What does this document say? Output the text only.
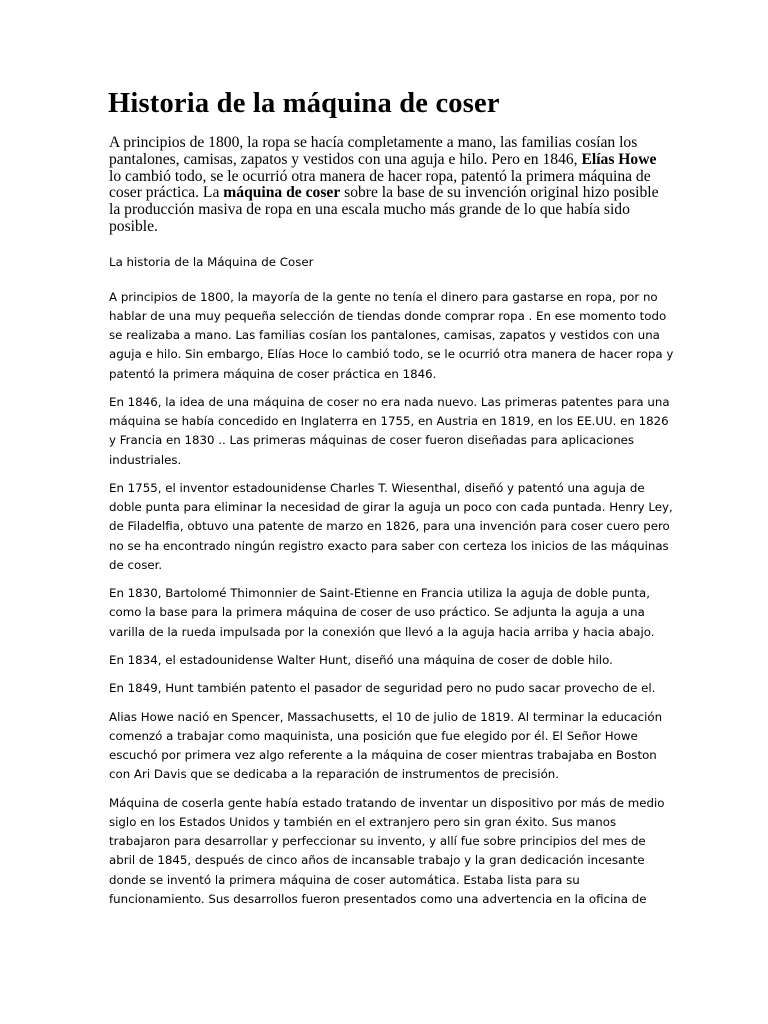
Historia de la máquina de coser
A principios de 1800, la ropa se hacía completamente a mano, las familias cosían los
pantalones, camisas, zapatos y vestidos con una aguja e hilo. Pero en 1846, Elías Howe
lo cambió todo, se le ocurrió otra manera de hacer ropa, patentó la primera máquina de
coser práctica. La máquina de coser sobre la base de su invención original hizo posible
la producción masiva de ropa en una escala mucho más grande de lo que había sido
posible.

La historia de la Máquina de Coser

A principios de 1800, la mayoría de la gente no tenía el dinero para gastarse en ropa, por no
hablar de una muy pequeña selección de tiendas donde comprar ropa . En ese momento todo
se realizaba a mano. Las familias cosían los pantalones, camisas, zapatos y vestidos con una
aguja e hilo. Sin embargo, Elías Hoce lo cambió todo, se le ocurrió otra manera de hacer ropa y
patentó la primera máquina de coser práctica en 1846.

En 1846, la idea de una máquina de coser no era nada nuevo. Las primeras patentes para una
máquina se había concedido en Inglaterra en 1755, en Austria en 1819, en los EE.UU. en 1826
y Francia en 1830 .. Las primeras máquinas de coser fueron diseñadas para aplicaciones
industriales.

En 1755, el inventor estadounidense Charles T. Wiesenthal, diseñó y patentó una aguja de
doble punta para eliminar la necesidad de girar la aguja un poco con cada puntada. Henry Ley,
de Filadelfia, obtuvo una patente de marzo en 1826, para una invención para coser cuero pero
no se ha encontrado ningún registro exacto para saber con certeza los inicios de las máquinas
de coser.

En 1830, Bartolomé Thimonnier de Saint-Etienne en Francia utiliza la aguja de doble punta,
como la base para la primera máquina de coser de uso práctico. Se adjunta la aguja a una
varilla de la rueda impulsada por la conexión que llevó a la aguja hacia arriba y hacia abajo.

En 1834, el estadounidense Walter Hunt, diseñó una máquina de coser de doble hilo.

En 1849, Hunt también patento el pasador de seguridad pero no pudo sacar provecho de el.

Alias Howe nació en Spencer, Massachusetts, el 10 de julio de 1819. Al terminar la educación
comenzó a trabajar como maquinista, una posición que fue elegido por él. El Señor Howe
escuchó por primera vez algo referente a la máquina de coser mientras trabajaba en Boston
con Ari Davis que se dedicaba a la reparación de instrumentos de precisión.

Máquina de coserla gente había estado tratando de inventar un dispositivo por más de medio
siglo en los Estados Unidos y también en el extranjero pero sin gran éxito. Sus manos
trabajaron para desarrollar y perfeccionar su invento, y allí fue sobre principios del mes de
abril de 1845, después de cinco años de incansable trabajo y la gran dedicación incesante
donde se inventó la primera máquina de coser automática. Estaba lista para su
funcionamiento. Sus desarrollos fueron presentados como una advertencia en la oficina de
